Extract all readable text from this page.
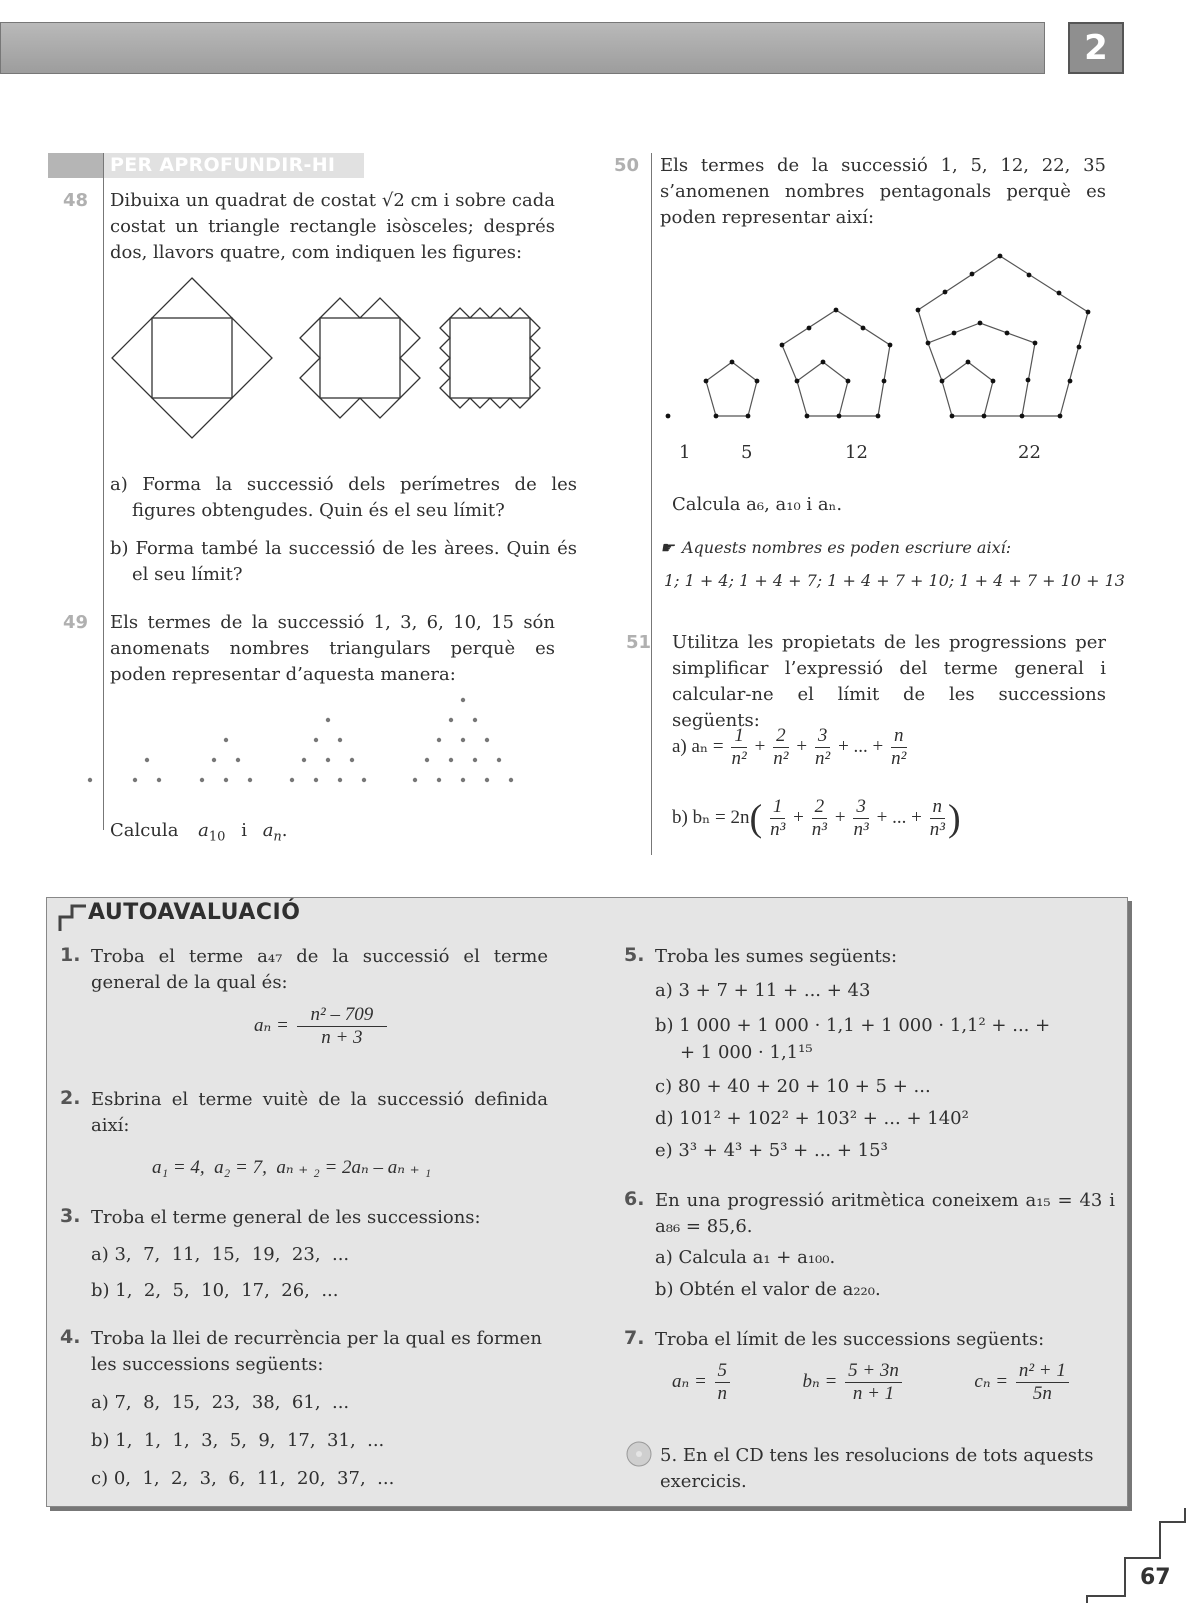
2
PER APROFUNDIR-HI
48 Dibuixa un quadrat de costat √2 cm i sobre cada costat un triangle rectangle isòsceles; després dos, llavors quatre, com indiquen les figures:
a) Forma la successió dels perímetres de les figures obtengudes. Quin és el seu límit?
b) Forma també la successió de les àrees. Quin és el seu límit?
49 Els termes de la successió 1, 3, 6, 10, 15 són anomenats nombres triangulars perquè es poden representar d’aquesta manera:
Calcula $a_{10}$ i $a_n$.
50 Els termes de la successió 1, 5, 12, 22, 35 s’anomenen nombres pentagonals perquè es poden representar així:
1	5	12	22
Calcula a₆, a₁₀ i aₙ.
☛ Aquests nombres es poden escriure així:
1; 1 + 4; 1 + 4 + 7; 1 + 4 + 7 + 10; 1 + 4 + 7 + 10 + 13
51 Utilitza les propietats de les progressions per simplificar l’expressió del terme general i calcular-ne el límit de les successions següents:
a) $a_n = \frac{1}{\text{n²}} + \frac{2}{\text{n²}} + \frac{3}{\text{n²}}$ + ... + $\frac{n}{\text{n²}}$
b) $b_n = 2n( \frac{1}{\text{n³}} + \frac{2}{\text{n³}} + \frac{3}{\text{n³}}$ + ... + $\frac{n}{\text{n³}}$ )
AUTOAVALUACIÓ
1. Troba el terme a₄₇ de la successió el terme general de la qual és:
$a_n = \frac{\text{n² – 709}}{n + 3}$
2. Esbrina el terme vuitè de la successió definida així:
a₁ = 4,  a₂ = 7,  aₙ ₊ ₂ = 2aₙ – aₙ ₊ ₁
3. Troba el terme general de les successions:
a) 3,  7,  11,  15,  19,  23,  ...
b) 1,  2,  5,  10,  17,  26,  ...
4. Troba la llei de recurrència per la qual es formen les successions següents:
a) 7,  8,  15,  23,  38,  61,  ...
b) 1,  1,  1,  3,  5,  9,  17,  31,  ...
c) 0,  1,  2,  3,  6,  11,  20,  37,  ...
5. Troba les sumes següents:
a) 3 + 7 + 11 + ... + 43
b) 1 000 + 1 000 · 1,1 + 1 000 · 1,1² + ... +
+ 1 000 · 1,1¹⁵
c) 80 + 40 + 20 + 10 + 5 + ...
d) 101² + 102² + 103² + ... + 140²
e) 3³ + 4³ + 5³ + ... + 15³
6. En una progressió aritmètica coneixem a₁₅ = 43 i a₈₆ = 85,6.
a) Calcula a₁ + a₁₀₀.
b) Obtén el valor de a₂₂₀.
7. Troba el límit de les successions següents:
$a_n = \frac{5}{n}$	$b_n = \frac{5 + 3n}{n + 1}$	$c_n = \frac{\text{n² + 1}}{5n}$
5. En el CD tens les resolucions de tots aquests exercicis.
67
